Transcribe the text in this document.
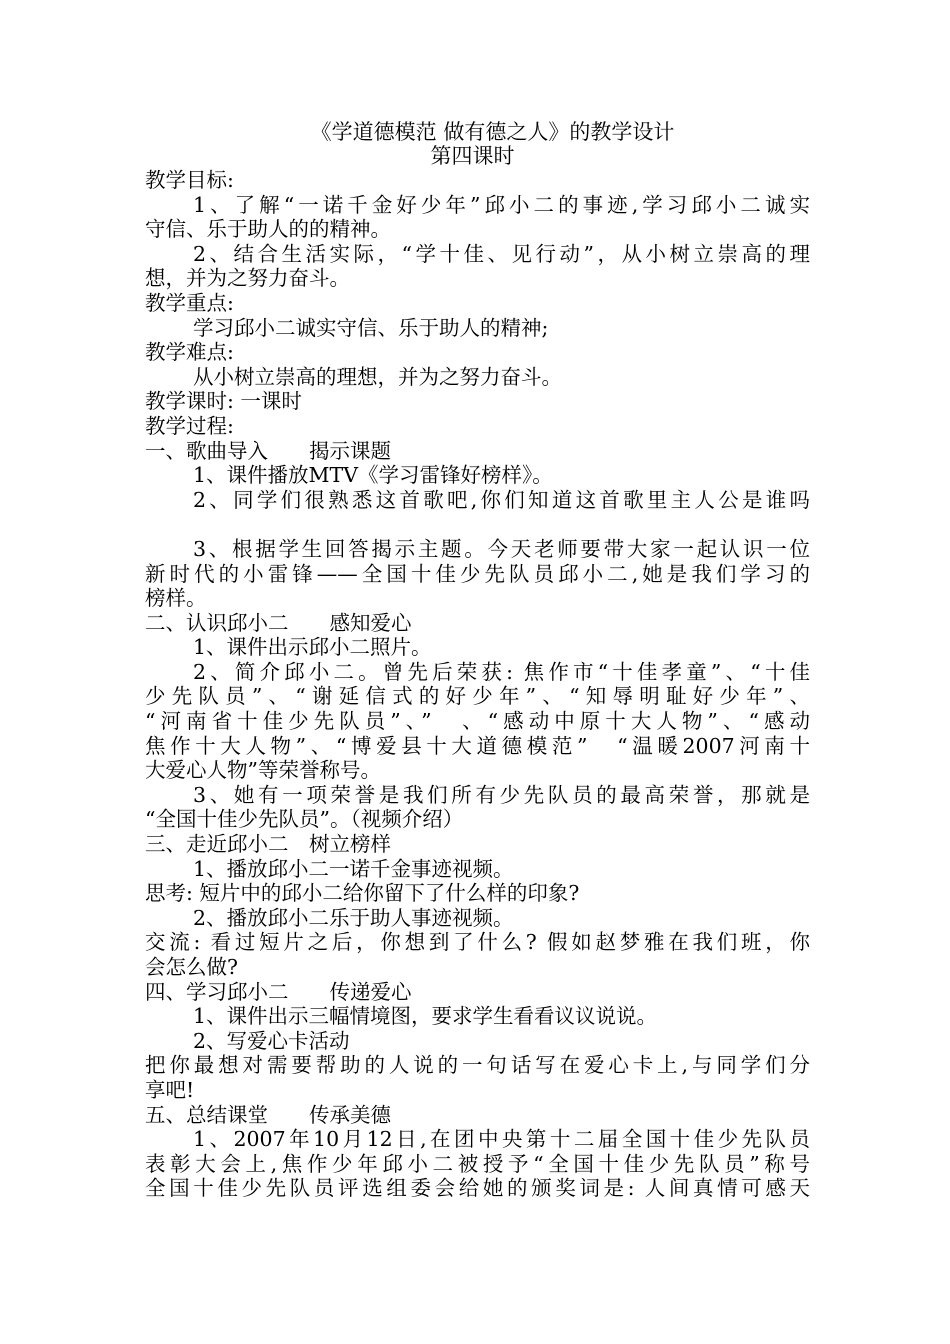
《学道德模范 做有德之人》的教学设计
第四课时
教学目标:
1、了解“一诺千金好少年”邱小二的事迹,学习邱小二诚实
守信、乐于助人的的精神。
2、结合生活实际，“学十佳、见行动”，从小树立崇高的理
想，并为之努力奋斗。
教学重点:
学习邱小二诚实守信、乐于助人的精神;
教学难点:
从小树立崇高的理想，并为之努力奋斗。
教学课时: 一课时
教学过程:
一、歌曲导入　　揭示课题
1、课件播放MTV《学习雷锋好榜样》。
2、同学们很熟悉这首歌吧,你们知道这首歌里主人公是谁吗
3、根据学生回答揭示主题。今天老师要带大家一起认识一位
新时代的小雷锋——全国十佳少先队员邱小二,她是我们学习的
榜样。
二、认识邱小二　　感知爱心
1、课件出示邱小二照片。
2、简介邱小二。曾先后荣获: 焦作市“十佳孝童”、“十佳
少先队员”、“谢延信式的好少年”、“知辱明耻好少年”、
“河南省十佳少先队员”、”　、“感动中原十大人物”、“感动
焦作十大人物”、“博爱县十大道德模范”　“温暖2007河南十
大爱心人物”等荣誉称号。
3、她有一项荣誉是我们所有少先队员的最高荣誉，那就是
“全国十佳少先队员”。（视频介绍）
三、走近邱小二　树立榜样
1、播放邱小二一诺千金事迹视频。
思考: 短片中的邱小二给你留下了什么样的印象?
2、播放邱小二乐于助人事迹视频。
交流: 看过短片之后，你想到了什么? 假如赵梦雅在我们班，你
会怎么做?
四、学习邱小二　　传递爱心
1、课件出示三幅情境图，要求学生看看议议说说。
2、写爱心卡活动
把你最想对需要帮助的人说的一句话写在爱心卡上,与同学们分
享吧!
五、总结课堂　　传承美德
1、2007年10月12日,在团中央第十二届全国十佳少先队员
表彰大会上,焦作少年邱小二被授予“全国十佳少先队员”称号
全国十佳少先队员评选组委会给她的颁奖词是: 人间真情可感天
